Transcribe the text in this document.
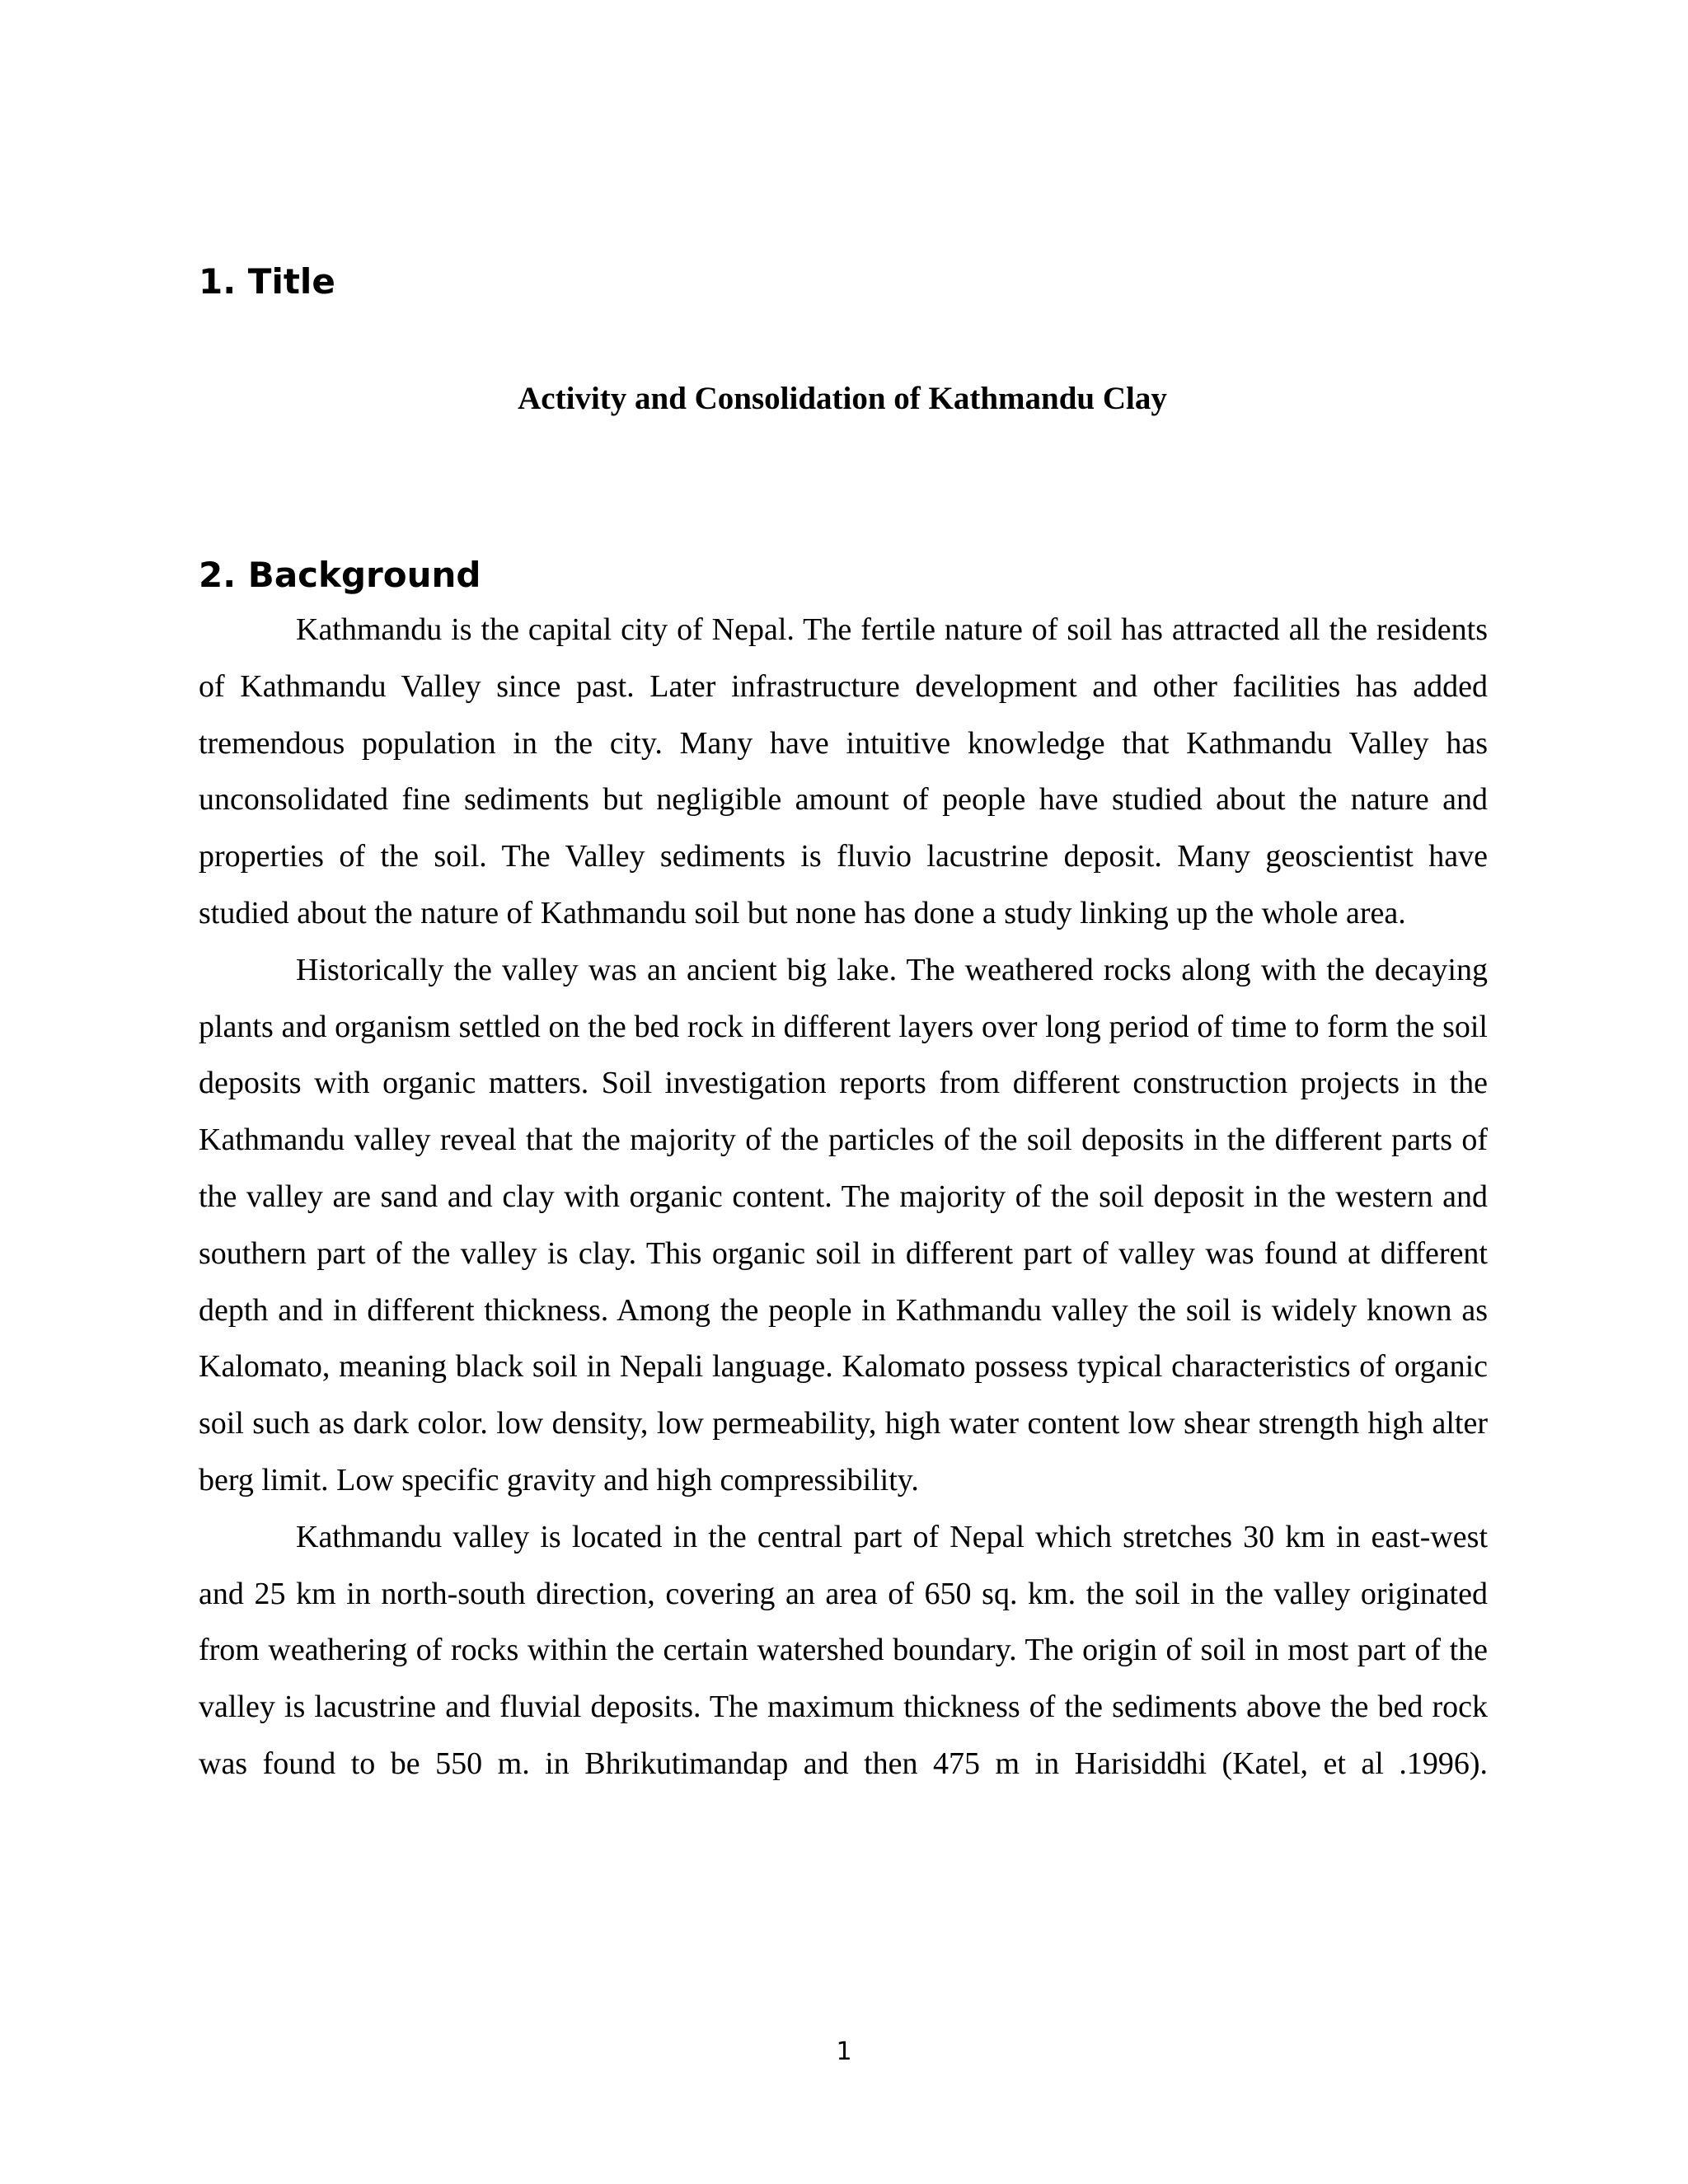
1. Title
Activity and Consolidation of Kathmandu Clay
2. Background

Kathmandu is the capital city of Nepal. The fertile nature of soil has attracted all the residents of Kathmandu Valley since past. Later infrastructure development and other facilities has added tremendous population in the city. Many have intuitive knowledge that Kathmandu Valley has unconsolidated fine sediments but negligible amount of people have studied about the nature and properties of the soil. The Valley sediments is fluvio lacustrine deposit. Many geoscientist have studied about the nature of Kathmandu soil but none has done a study linking up the whole area.

Historically the valley was an ancient big lake. The weathered rocks along with the decaying plants and organism settled on the bed rock in different layers over long period of time to form the soil deposits with organic matters. Soil investigation reports from different construction projects in the Kathmandu valley reveal that the majority of the particles of the soil deposits in the different parts of the valley are sand and clay with organic content. The majority of the soil deposit in the western and southern part of the valley is clay. This organic soil in different part of valley was found at different depth and in different thickness. Among the people in Kathmandu valley the soil is widely known as Kalomato, meaning black soil in Nepali language. Kalomato possess typical characteristics of organic soil such as dark color. low density, low permeability, high water content low shear strength high alter berg limit. Low specific gravity and high compressibility.

Kathmandu valley is located in the central part of Nepal which stretches 30 km in east-west and 25 km in north-south direction, covering an area of 650 sq. km. the soil in the valley originated from weathering of rocks within the certain watershed boundary. The origin of soil in most part of the valley is lacustrine and fluvial deposits. The maximum thickness of the sediments above the bed rock was found to be 550 m. in Bhrikutimandap and then 475 m in Harisiddhi (Katel, et al .1996).

1
